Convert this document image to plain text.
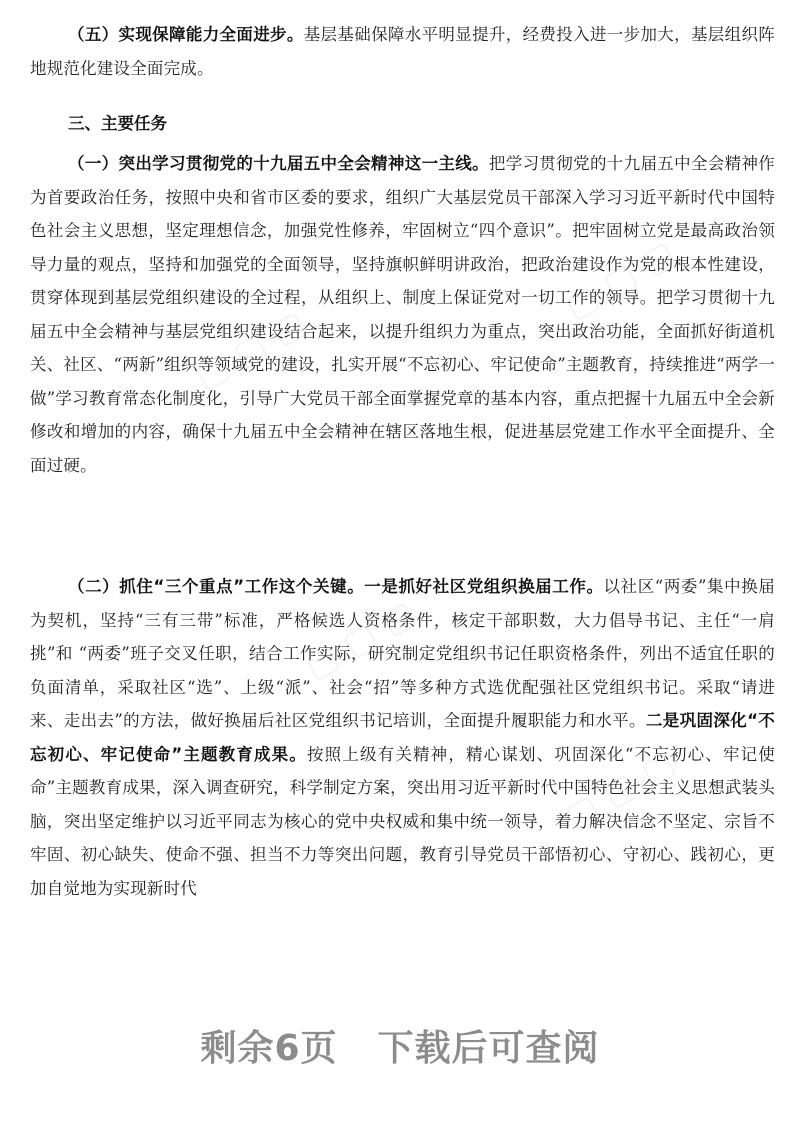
▢ ▢ ▢
▢ ▢ ▢
▢ ▢ ▢
▢ ▢ ▢

（五）实现保障能力全面进步。基层基础保障水平明显提升，经费投入进一步加大，基层组织阵地规范化建设全面完成。

三、主要任务

（一）突出学习贯彻党的十九届五中全会精神这一主线。把学习贯彻党的十九届五中全会精神作为首要政治任务，按照中央和省市区委的要求，组织广大基层党员干部深入学习习近平新时代中国特色社会主义思想，坚定理想信念，加强党性修养，牢固树立“四个意识”。把牢固树立党是最高政治领导力量的观点，坚持和加强党的全面领导，坚持旗帜鲜明讲政治，把政治建设作为党的根本性建设，贯穿体现到基层党组织建设的全过程，从组织上、制度上保证党对一切工作的领导。把学习贯彻十九届五中全会精神与基层党组织建设结合起来，以提升组织力为重点，突出政治功能，全面抓好街道机关、社区、“两新”组织等领域党的建设，扎实开展“不忘初心、牢记使命”主题教育，持续推进“两学一做”学习教育常态化制度化，引导广大党员干部全面掌握党章的基本内容，重点把握十九届五中全会新修改和增加的内容，确保十九届五中全会精神在辖区落地生根，促进基层党建工作水平全面提升、全面过硬。

（二）抓住“三个重点”工作这个关键。一是抓好社区党组织换届工作。以社区“两委”集中换届为契机，坚持“三有三带”标准，严格候选人资格条件，核定干部职数，大力倡导书记、主任“一肩挑”和 “两委”班子交叉任职，结合工作实际，研究制定党组织书记任职资格条件，列出不适宜任职的负面清单，采取社区“选”、上级“派”、社会“招”等多种方式选优配强社区党组织书记。采取“请进来、走出去”的方法，做好换届后社区党组织书记培训，全面提升履职能力和水平。二是巩固深化“不忘初心、牢记使命”主题教育成果。按照上级有关精神，精心谋划、巩固深化“不忘初心、牢记使命”主题教育成果，深入调查研究，科学制定方案，突出用习近平新时代中国特色社会主义思想武装头脑，突出坚定维护以习近平同志为核心的党中央权威和集中统一领导，着力解决信念不坚定、宗旨不牢固、初心缺失、使命不强、担当不力等突出问题，教育引导党员干部悟初心、守初心、践初心，更加自觉地为实现新时代

剩余6页 下载后可查阅
